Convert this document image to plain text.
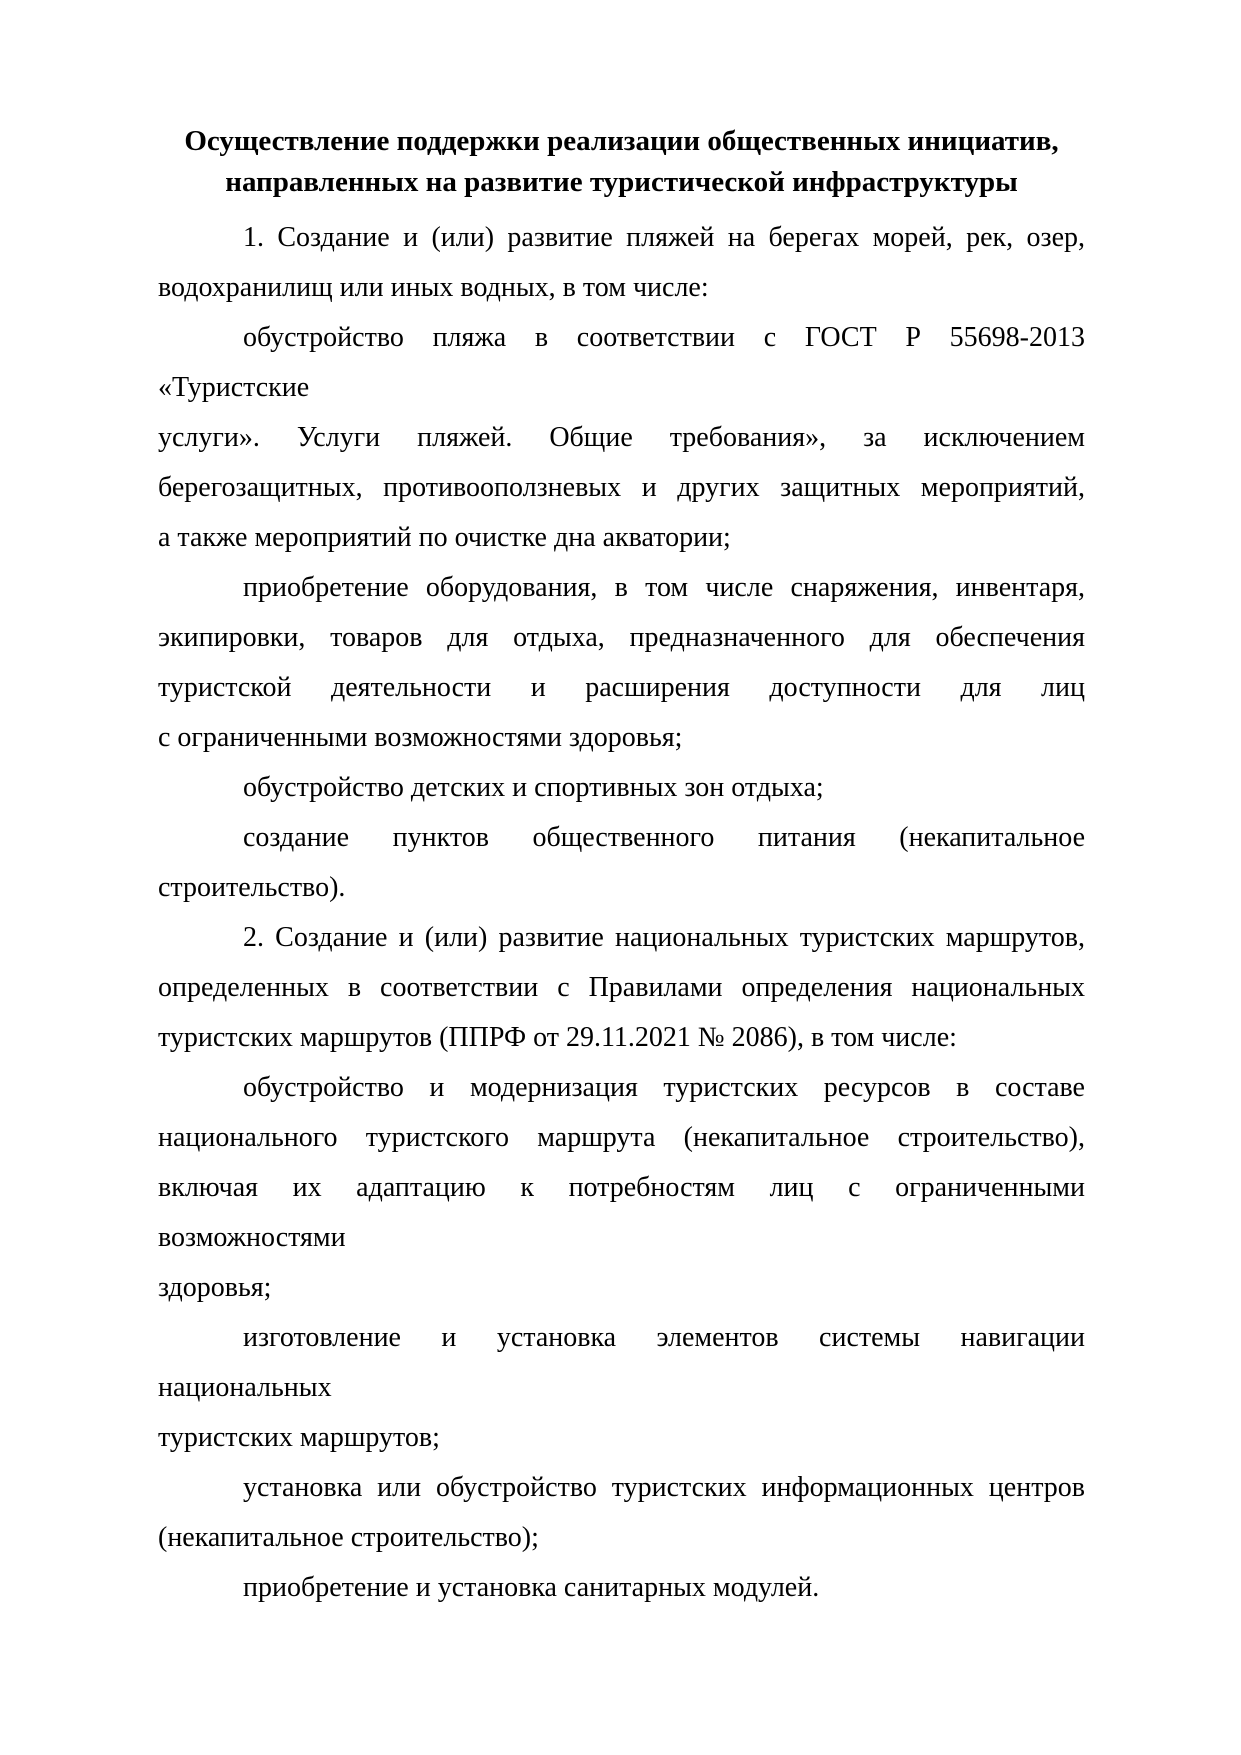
Осуществление поддержки реализации общественных инициатив,
направленных на развитие туристической инфраструктуры
1. Создание и (или) развитие пляжей на берегах морей, рек, озер,
водохранилищ или иных водных, в том числе:
обустройство пляжа в соответствии с ГОСТ Р 55698-2013 «Туристские
услуги». Услуги пляжей. Общие требования», за исключением
берегозащитных, противооползневых и других защитных мероприятий,
а также мероприятий по очистке дна акватории;
приобретение оборудования, в том числе снаряжения, инвентаря,
экипировки, товаров для отдыха, предназначенного для обеспечения
туристской деятельности и расширения доступности для лиц
с ограниченными возможностями здоровья;
обустройство детских и спортивных зон отдыха;
создание пунктов общественного питания (некапитальное
строительство).
2. Создание и (или) развитие национальных туристских маршрутов,
определенных в соответствии с Правилами определения национальных
туристских маршрутов (ППРФ от 29.11.2021 № 2086), в том числе:
обустройство и модернизация туристских ресурсов в составе
национального туристского маршрута (некапитальное строительство),
включая их адаптацию к потребностям лиц с ограниченными возможностями
здоровья;
изготовление и установка элементов системы навигации национальных
туристских маршрутов;
установка или обустройство туристских информационных центров
(некапитальное строительство);
приобретение и установка санитарных модулей.
